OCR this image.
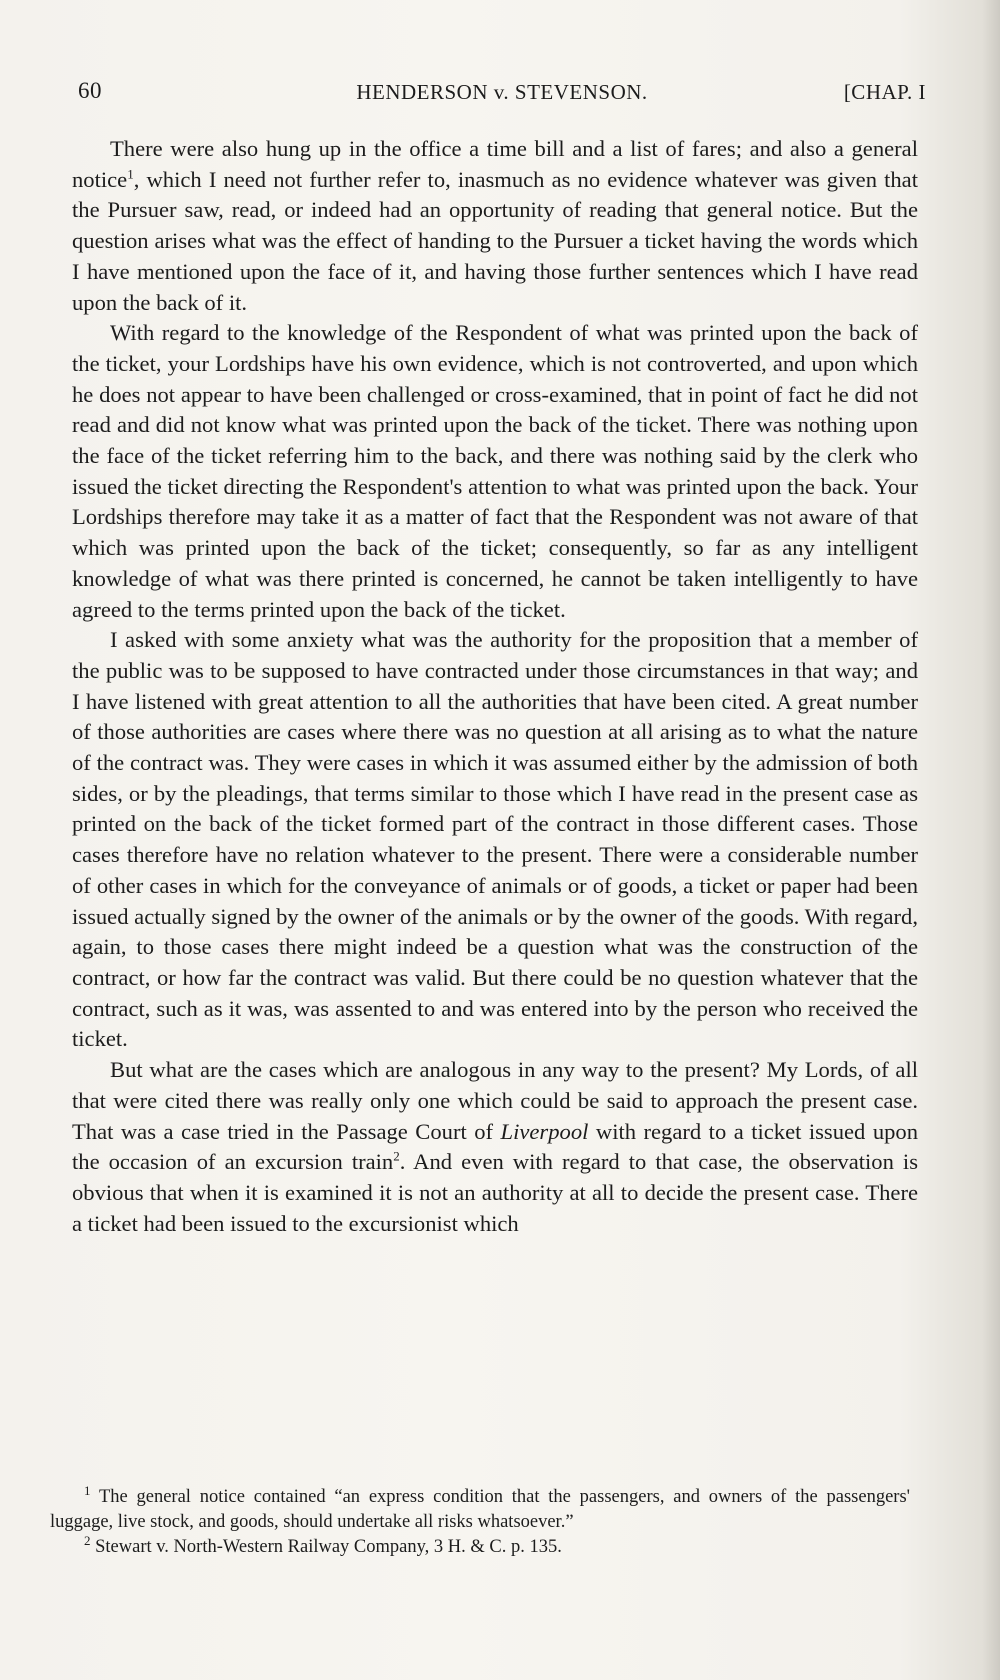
60	HENDERSON v. STEVENSON.	[CHAP. I

There were also hung up in the office a time bill and a list of fares; and also a general notice$^1$, which I need not further refer to, inasmuch as no evidence whatever was given that the Pursuer saw, read, or indeed had an opportunity of reading that general notice. But the question arises what was the effect of handing to the Pursuer a ticket having the words which I have mentioned upon the face of it, and having those further sentences which I have read upon the back of it.

With regard to the knowledge of the Respondent of what was printed upon the back of the ticket, your Lordships have his own evidence, which is not controverted, and upon which he does not appear to have been challenged or cross-examined, that in point of fact he did not read and did not know what was printed upon the back of the ticket. There was nothing upon the face of the ticket referring him to the back, and there was nothing said by the clerk who issued the ticket directing the Respondent's attention to what was printed upon the back. Your Lordships therefore may take it as a matter of fact that the Respondent was not aware of that which was printed upon the back of the ticket; consequently, so far as any intelligent knowledge of what was there printed is concerned, he cannot be taken intelligently to have agreed to the terms printed upon the back of the ticket.

I asked with some anxiety what was the authority for the proposition that a member of the public was to be supposed to have contracted under those circumstances in that way; and I have listened with great attention to all the authorities that have been cited. A great number of those authorities are cases where there was no question at all arising as to what the nature of the contract was. They were cases in which it was assumed either by the admission of both sides, or by the pleadings, that terms similar to those which I have read in the present case as printed on the back of the ticket formed part of the contract in those different cases. Those cases therefore have no relation whatever to the present. There were a considerable number of other cases in which for the conveyance of animals or of goods, a ticket or paper had been issued actually signed by the owner of the animals or by the owner of the goods. With regard, again, to those cases there might indeed be a question what was the construction of the contract, or how far the contract was valid. But there could be no question whatever that the contract, such as it was, was assented to and was entered into by the person who received the ticket.

But what are the cases which are analogous in any way to the present? My Lords, of all that were cited there was really only one which could be said to approach the present case. That was a case tried in the Passage Court of Liverpool with regard to a ticket issued upon the occasion of an excursion train$^2$. And even with regard to that case, the observation is obvious that when it is examined it is not an authority at all to decide the present case. There a ticket had been issued to the excursionist which

$^1$ The general notice contained “an express condition that the passengers, and owners of the passengers' luggage, live stock, and goods, should undertake all risks whatsoever.”

$^2$ Stewart v. North-Western Railway Company, 3 H. & C. p. 135.
